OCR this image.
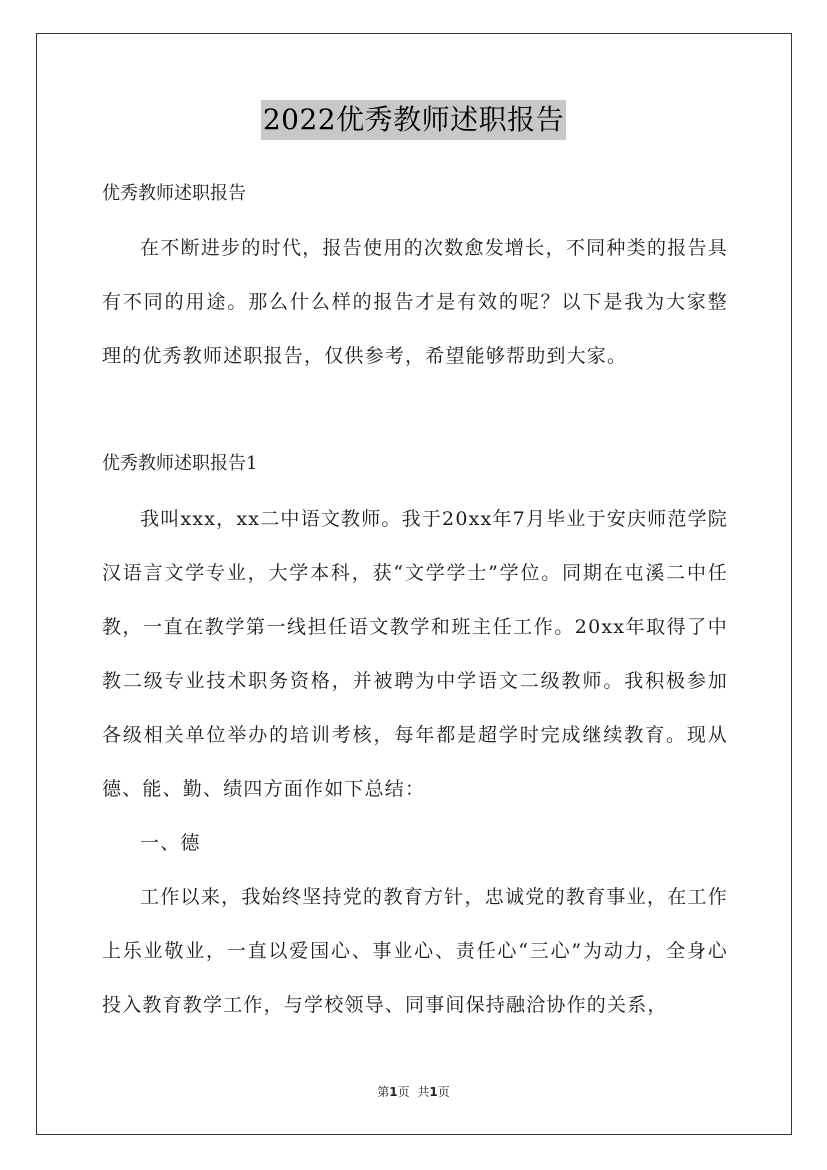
2022优秀教师述职报告
优秀教师述职报告

在不断进步的时代，报告使用的次数愈发增长，不同种类的报告具有不同的用途。那么什么样的报告才是有效的呢？以下是我为大家整理的优秀教师述职报告，仅供参考，希望能够帮助到大家。

优秀教师述职报告1

我叫xxx，xx二中语文教师。我于20xx年7月毕业于安庆师范学院汉语言文学专业，大学本科，获“文学学士”学位。同期在屯溪二中任教，一直在教学第一线担任语文教学和班主任工作。20xx年取得了中教二级专业技术职务资格，并被聘为中学语文二级教师。我积极参加各级相关单位举办的培训考核，每年都是超学时完成继续教育。现从德、能、勤、绩四方面作如下总结：

一、德

工作以来，我始终坚持党的教育方针，忠诚党的教育事业，在工作上乐业敬业，一直以爱国心、事业心、责任心“三心”为动力，全身心投入教育教学工作，与学校领导、同事间保持融洽协作的关系，

第1页 共1页
